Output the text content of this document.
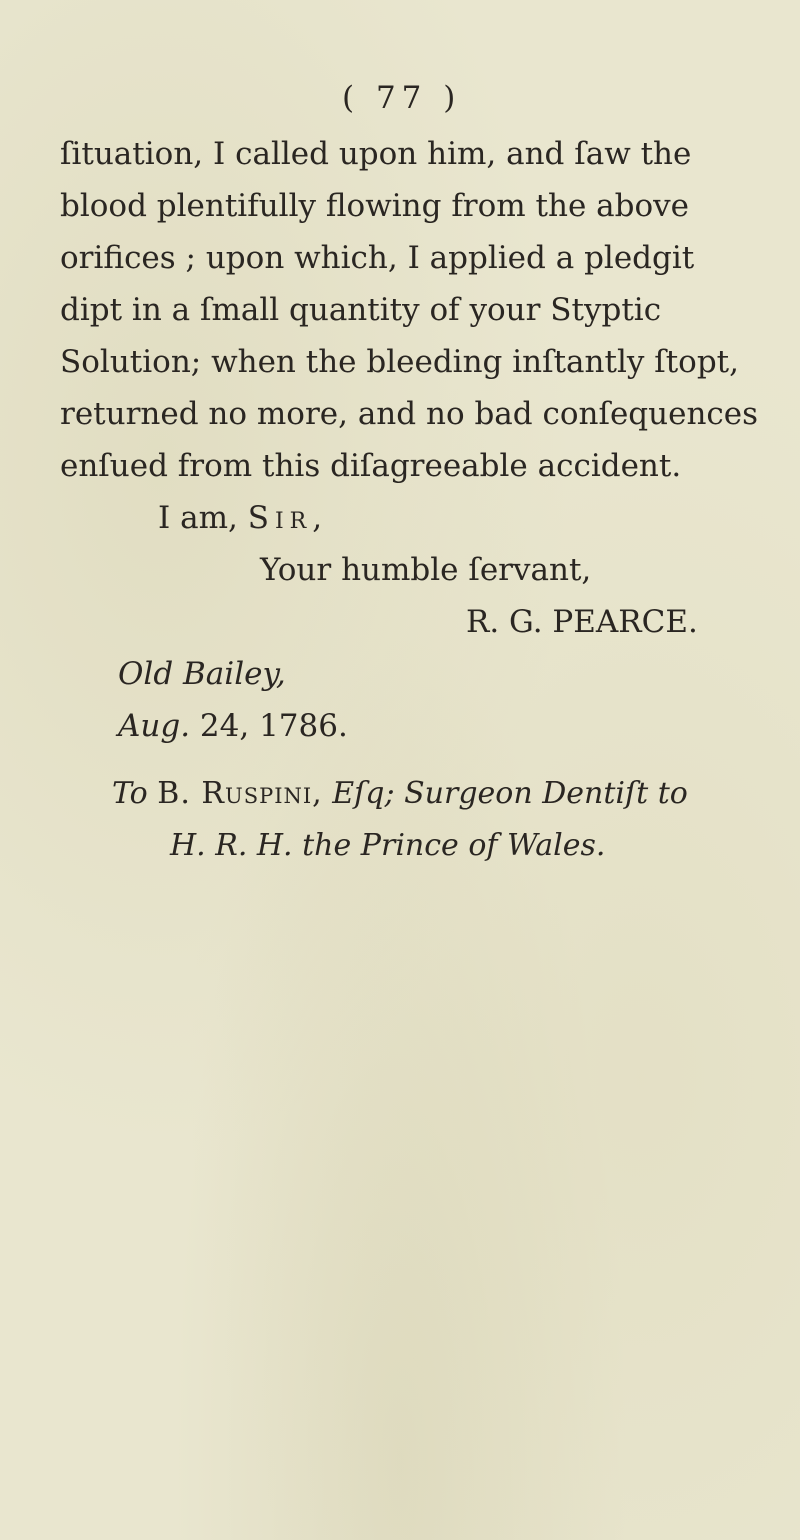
( 77 )
ſituation, I called upon him, and ſaw the
blood plentifully flowing from the above
orifices ; upon which, I applied a pledgit
dipt in a ſmall quantity of your Styptic
Solution; when the bleeding inſtantly ſtopt,
returned no more, and no bad conſequences
enſued from this diſagreeable accident.
I am, Sir,
Your humble ſervant,
R. G. PEARCE.
Old Bailey,
Aug. 24, 1786.
To B. Ruspini, Eſq; Surgeon Dentiſt to
H. R. H. the Prince of Wales.
